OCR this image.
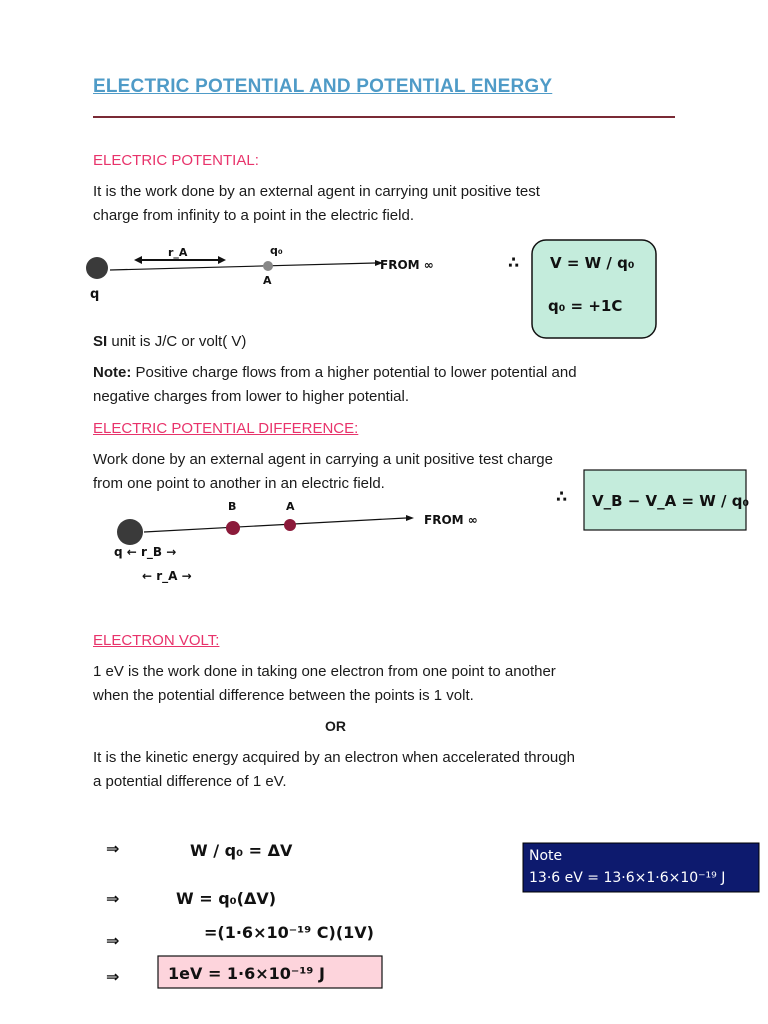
ELECTRIC POTENTIAL AND POTENTIAL ENERGY
ELECTRIC POTENTIAL:
It is the work done by an external agent in carrying unit positive test
charge from infinity to a point in the electric field.
q
r_A	q₀
A
FROM ∞	∴ V = W / q₀
q₀ = +1C
SI unit is J/C or volt( V)
Note: Positive charge flows from a higher potential to lower potential and
negative charges from lower to higher potential.
ELECTRIC POTENTIAL DIFFERENCE:
Work done by an external agent in carrying a unit positive test charge
from one point to another in an electric field.
B	A
FROM ∞
q ← r_B →
← r_A →
∴ V_B − V_A = W / q₀
ELECTRON VOLT:
1 eV is the work done in taking one electron from one point to another
when the potential difference between the points is 1 volt.
OR
It is the kinetic energy acquired by an electron when accelerated through
a potential difference of 1 eV.
⇒	W / q₀ = ΔV
⇒	W = q₀(ΔV)
⇒	=(1·6×10⁻¹⁹ C)(1V)
⇒	1eV = 1·6×10⁻¹⁹ J
Note
13·6 eV = 13·6×1·6×10⁻¹⁹ J
